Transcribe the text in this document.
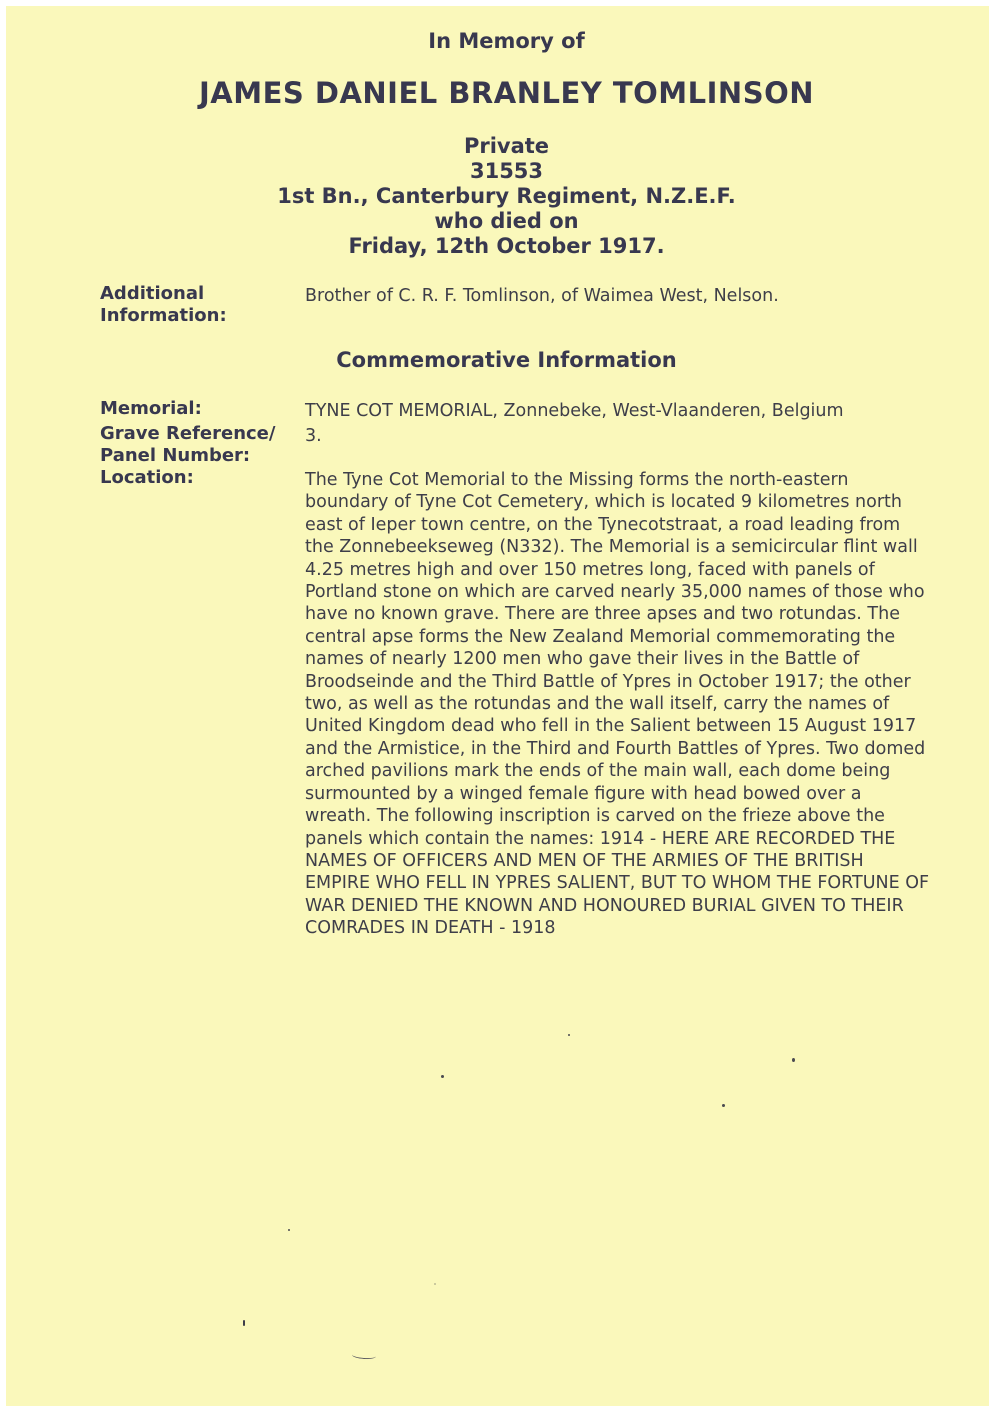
In Memory of
JAMES DANIEL BRANLEY TOMLINSON
Private
31553
1st Bn., Canterbury Regiment, N.Z.E.F.
who died on
Friday, 12th October 1917.
Additional Information:
Brother of C. R. F. Tomlinson, of Waimea West, Nelson.
Commemorative Information
Memorial:	TYNE COT MEMORIAL, Zonnebeke, West-Vlaanderen, Belgium
Grave Reference/ Panel Number:
3.
Location:	The Tyne Cot Memorial to the Missing forms the north-eastern boundary of Tyne Cot Cemetery, which is located 9 kilometres north east of Ieper town centre, on the Tynecotstraat, a road leading from the Zonnebeekseweg (N332). The Memorial is a semicircular flint wall 4.25 metres high and over 150 metres long, faced with panels of Portland stone on which are carved nearly 35,000 names of those who have no known grave. There are three apses and two rotundas. The central apse forms the New Zealand Memorial commemorating the names of nearly 1200 men who gave their lives in the Battle of Broodseinde and the Third Battle of Ypres in October 1917; the other two, as well as the rotundas and the wall itself, carry the names of United Kingdom dead who fell in the Salient between 15 August 1917 and the Armistice, in the Third and Fourth Battles of Ypres. Two domed arched pavilions mark the ends of the main wall, each dome being surmounted by a winged female figure with head bowed over a wreath. The following inscription is carved on the frieze above the panels which contain the names: 1914 - HERE ARE RECORDED THE NAMES OF OFFICERS AND MEN OF THE ARMIES OF THE BRITISH EMPIRE WHO FELL IN YPRES SALIENT, BUT TO WHOM THE FORTUNE OF WAR DENIED THE KNOWN AND HONOURED BURIAL GIVEN TO THEIR COMRADES IN DEATH - 1918
